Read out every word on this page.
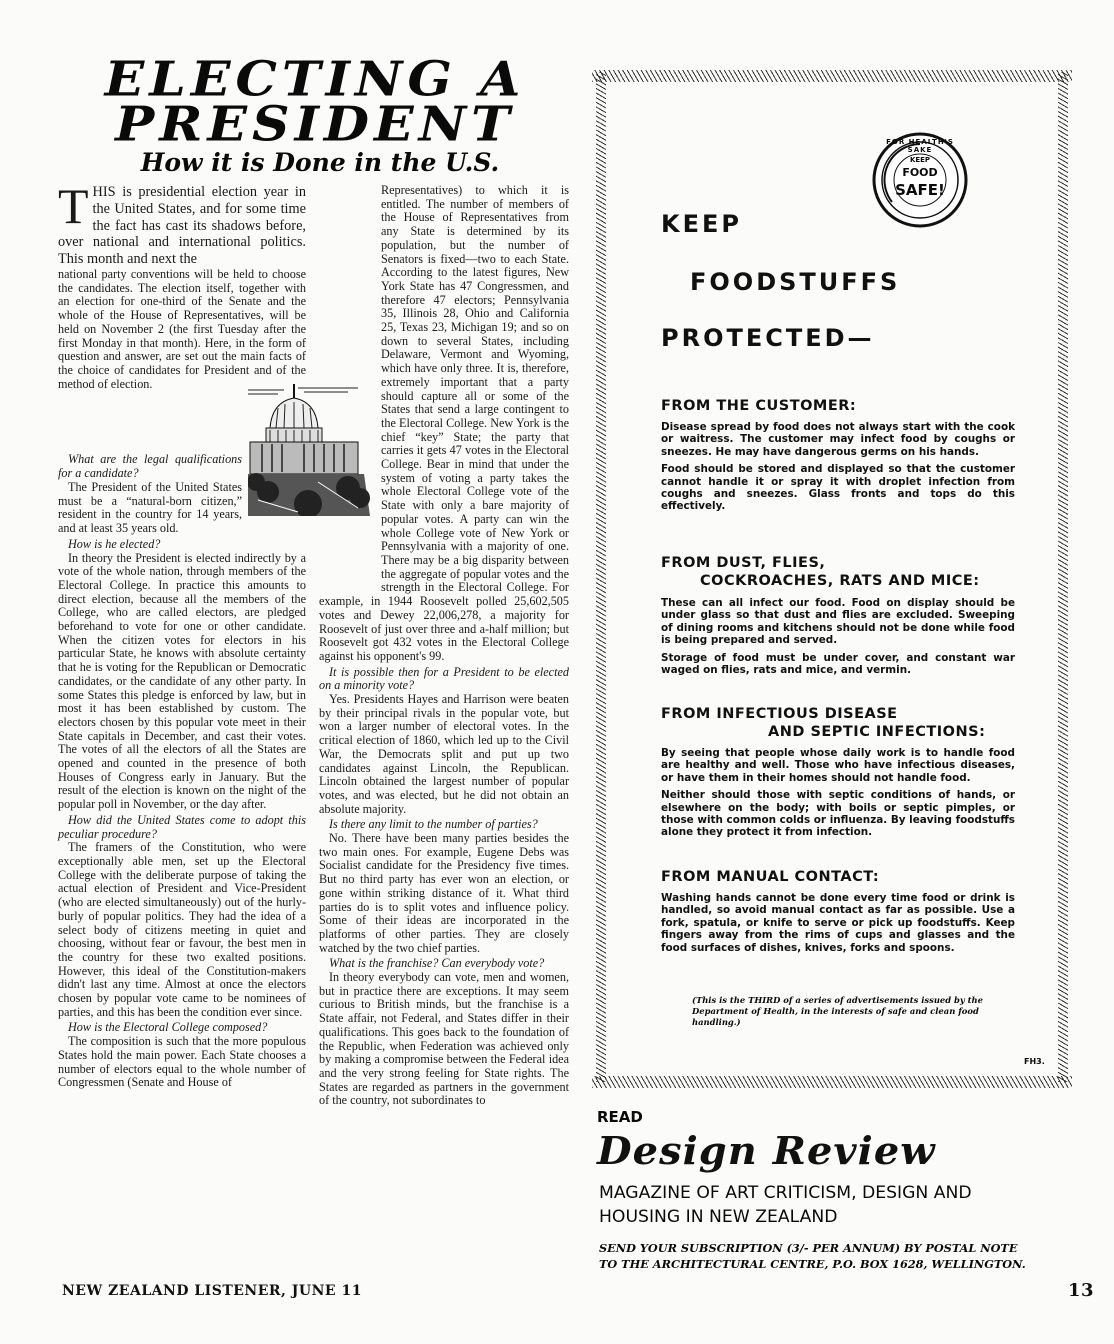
ELECTING A
PRESIDENT
How it is Done in the U.S.
T HIS is presidential election year in the United States, and for some time the fact has cast its shadows before, over national and international politics. This month and next the

national party conventions will be held to choose the candidates. The election itself, together with an election for one-third of the Senate and the whole of the House of Representatives, will be held on November 2 (the first Tuesday after the first Monday in that month). Here, in the form of question and answer, are set out the main facts of the choice of candidates for President and of the method of election.

What are the legal qualifications for a candidate?

The President of the United States must be a “natural-born citizen,” resident in the country for 14 years, and at least 35 years old.

How is he elected?

In theory the President is elected indirectly by a vote of the whole nation, through members of the Electoral College. In practice this amounts to direct election, because all the members of the College, who are called electors, are pledged beforehand to vote for one or other candidate. When the citizen votes for electors in his particular State, he knows with absolute certainty that he is voting for the Republican or Democratic candidates, or the candidate of any other party. In some States this pledge is enforced by law, but in most it has been established by custom. The electors chosen by this popular vote meet in their State capitals in December, and cast their votes. The votes of all the electors of all the States are opened and counted in the presence of both Houses of Congress early in January. But the result of the election is known on the night of the popular poll in November, or the day after.

How did the United States come to adopt this peculiar procedure?

The framers of the Constitution, who were exceptionally able men, set up the Electoral College with the deliberate purpose of taking the actual election of President and Vice-President (who are elected simultaneously) out of the hurly-burly of popular politics. They had the idea of a select body of citizens meeting in quiet and choosing, without fear or favour, the best men in the country for these two exalted positions. However, this ideal of the Constitution-makers didn't last any time. Almost at once the electors chosen by popular vote came to be nominees of parties, and this has been the condition ever since.

How is the Electoral College composed?

The composition is such that the more populous States hold the main power. Each State chooses a number of electors equal to the whole number of Congressmen (Senate and House of

Representatives) to which it is entitled. The number of members of the House of Representatives from any State is determined by its population, but the number of Senators is fixed—two to each State. According to the latest figures, New York State has 47 Congressmen, and therefore 47 electors; Pennsylvania 35, Illinois 28, Ohio and California 25, Texas 23, Michigan 19; and so on down to several States, including Delaware, Vermont and Wyoming, which have only three. It is, therefore, extremely important that a party should capture all or some of the States that send a large contingent to the Electoral College. New York is the chief “key” State; the party that carries it gets 47 votes in the Electoral College. Bear in mind that under the system of voting a party takes the whole Electoral College vote of the State with only a bare majority of popular votes. A party can win the whole College vote of New York or Pennsylvania with a majority of one. There may be a big disparity between the aggregate of popular votes and the strength in the Electoral College. For example, in 1944 Roosevelt polled 25,602,505 votes and Dewey 22,006,278, a majority for Roosevelt of just over three and a-half million; but Roosevelt got 432 votes in the Electoral College against his opponent's 99.

It is possible then for a President to be elected on a minority vote?

Yes. Presidents Hayes and Harrison were beaten by their principal rivals in the popular vote, but won a larger number of electoral votes. In the critical election of 1860, which led up to the Civil War, the Democrats split and put up two candidates against Lincoln, the Republican. Lincoln obtained the largest number of popular votes, and was elected, but he did not obtain an absolute majority.

Is there any limit to the number of parties?

No. There have been many parties besides the two main ones. For example, Eugene Debs was Socialist candidate for the Presidency five times. But no third party has ever won an election, or gone within striking distance of it. What third parties do is to split votes and influence policy. Some of their ideas are incorporated in the platforms of other parties. They are closely watched by the two chief parties.

What is the franchise? Can everybody vote?

In theory everybody can vote, men and women, but in practice there are exceptions. It may seem curious to British minds, but the franchise is a State affair, not Federal, and States differ in their qualifications. This goes back to the foundation of the Republic, when Federation was achieved only by making a compromise between the Federal idea and the very strong feeling for State rights. The States are regarded as partners in the government of the country, not subordinates to

FOR HEALTH'S SAKE
KEEP
FOOD
SAFE!
KEEP
FOODSTUFFS
PROTECTED—
FROM THE CUSTOMER:

Disease spread by food does not always start with the cook or waitress. The customer may infect food by coughs or sneezes. He may have dangerous germs on his hands.

Food should be stored and displayed so that the customer cannot handle it or spray it with droplet infection from coughs and sneezes. Glass fronts and tops do this effectively.

FROM DUST, FLIES,
COCKROACHES, RATS AND MICE:

These can all infect our food. Food on display should be under glass so that dust and flies are excluded. Sweeping of dining rooms and kitchens should not be done while food is being prepared and served.

Storage of food must be under cover, and constant war waged on flies, rats and mice, and vermin.

FROM INFECTIOUS DISEASE
AND SEPTIC INFECTIONS:

By seeing that people whose daily work is to handle food are healthy and well. Those who have infectious diseases, or have them in their homes should not handle food.

Neither should those with septic conditions of hands, or elsewhere on the body; with boils or septic pimples, or those with common colds or influenza. By leaving foodstuffs alone they protect it from infection.

FROM MANUAL CONTACT:

Washing hands cannot be done every time food or drink is handled, so avoid manual contact as far as possible. Use a fork, spatula, or knife to serve or pick up foodstuffs. Keep fingers away from the rims of cups and glasses and the food surfaces of dishes, knives, forks and spoons.

(This is the THIRD of a series of advertisements issued by the Department of Health, in the interests of safe and clean food handling.)
FH3.
READ
Design Review
MAGAZINE OF ART CRITICISM, DESIGN AND
HOUSING IN NEW ZEALAND
SEND YOUR SUBSCRIPTION (3/- PER ANNUM) BY POSTAL NOTE
TO THE ARCHITECTURAL CENTRE, P.O. BOX 1628, WELLINGTON.
NEW ZEALAND LISTENER, JUNE 11	13
